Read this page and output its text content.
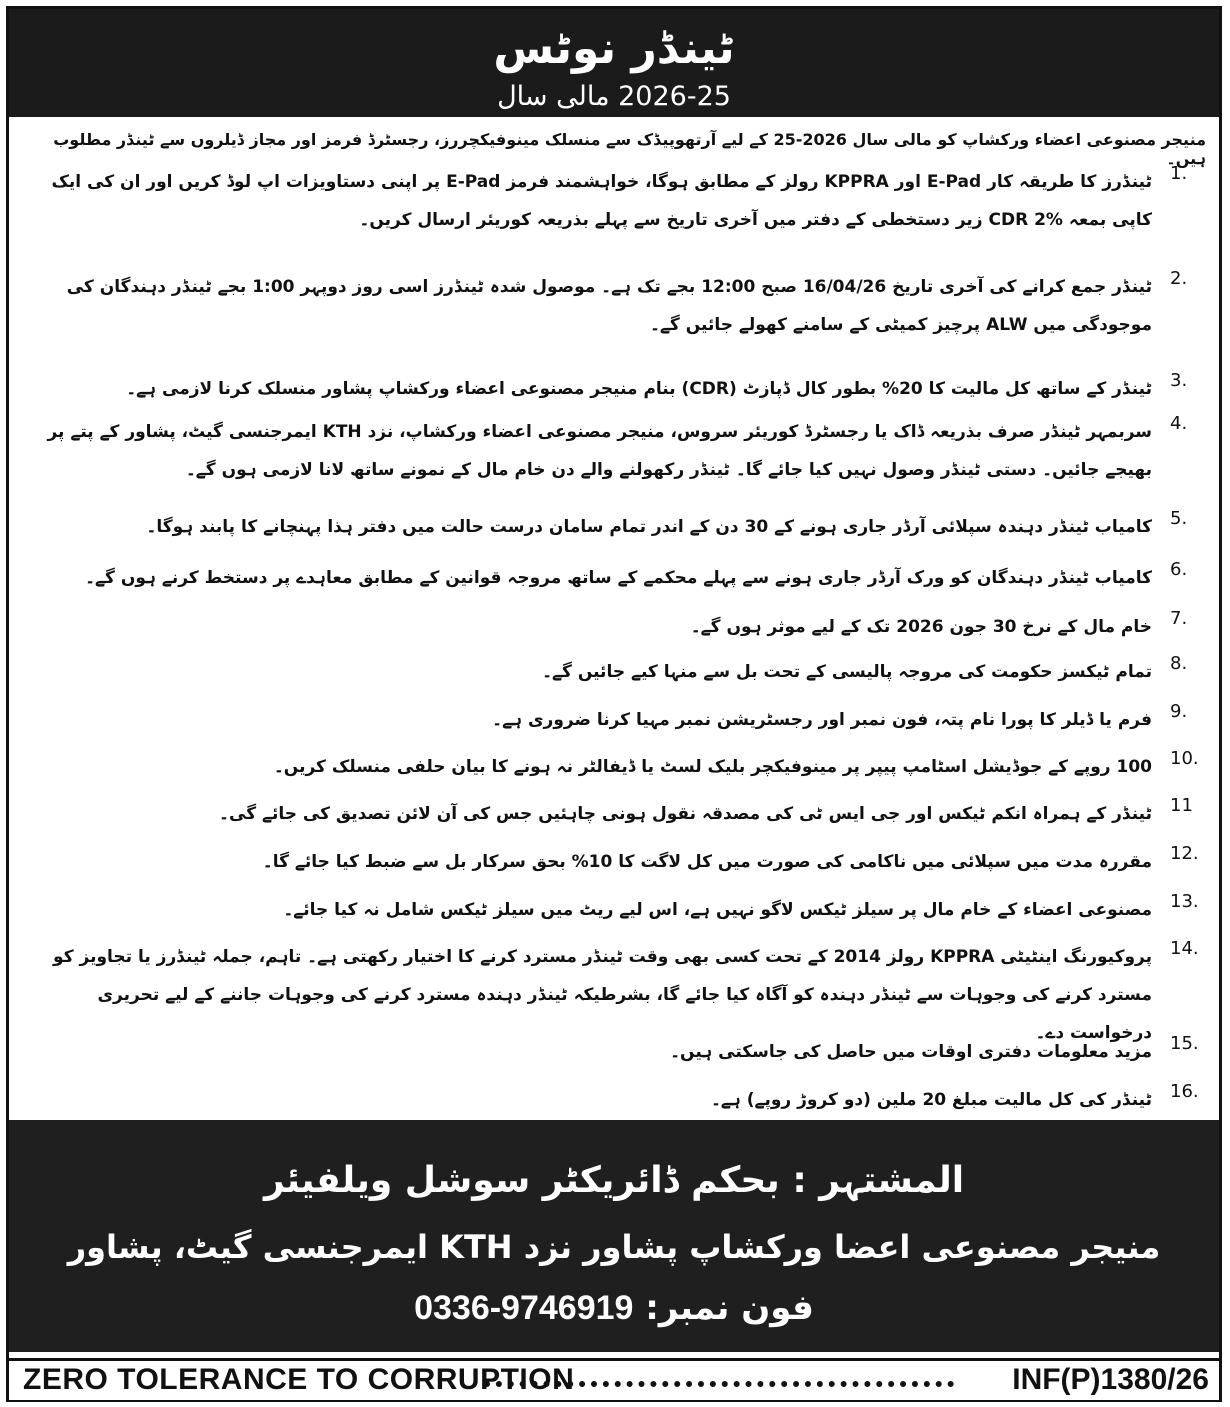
ٹینڈر نوٹس
2026-25 مالی سال
منیجر مصنوعی اعضاء ورکشاپ کو مالی سال 2026-25 کے لیے آرتھوپیڈک سے منسلک مینوفیکچررز، رجسٹرڈ فرمز اور مجاز ڈیلروں سے ٹینڈر مطلوب ہیں۔
1.
ٹینڈرز کا طریقہ کار E-Pad اور KPPRA رولز کے مطابق ہوگا، خواہشمند فرمز E-Pad پر اپنی دستاویزات اپ لوڈ کریں اور ان کی ایک کاپی بمعہ CDR 2% زیر دستخطی کے دفتر میں آخری تاریخ سے پہلے بذریعہ کوریئر ارسال کریں۔
2.
ٹینڈر جمع کرانے کی آخری تاریخ 16/04/26 صبح 12:00 بجے تک ہے۔ موصول شدہ ٹینڈرز اسی روز دوپہر 1:00 بجے ٹینڈر دہندگان کی موجودگی میں ALW پرچیز کمیٹی کے سامنے کھولے جائیں گے۔
3.
ٹینڈر کے ساتھ کل مالیت کا 20% بطور کال ڈپازٹ (CDR) بنام منیجر مصنوعی اعضاء ورکشاپ پشاور منسلک کرنا لازمی ہے۔
4.
سربمہر ٹینڈر صرف بذریعہ ڈاک یا رجسٹرڈ کوریئر سروس، منیجر مصنوعی اعضاء ورکشاپ، نزد KTH ایمرجنسی گیٹ، پشاور کے پتے پر بھیجے جائیں۔ دستی ٹینڈر وصول نہیں کیا جائے گا۔ ٹینڈر رکھولنے والے دن خام مال کے نمونے ساتھ لانا لازمی ہوں گے۔
5.
کامیاب ٹینڈر دہندہ سپلائی آرڈر جاری ہونے کے 30 دن کے اندر تمام سامان درست حالت میں دفتر ہذا پہنچانے کا پابند ہوگا۔
6.
کامیاب ٹینڈر دہندگان کو ورک آرڈر جاری ہونے سے پہلے محکمے کے ساتھ مروجہ قوانین کے مطابق معاہدے پر دستخط کرنے ہوں گے۔
7.
خام مال کے نرخ 30 جون 2026 تک کے لیے موثر ہوں گے۔
8.
تمام ٹیکسز حکومت کی مروجہ پالیسی کے تحت بل سے منہا کیے جائیں گے۔
9.
فرم یا ڈیلر کا پورا نام پتہ، فون نمبر اور رجسٹریشن نمبر مہیا کرنا ضروری ہے۔
10.
100 روپے کے جوڈیشل اسٹامپ پیپر پر مینوفیکچر بلیک لسٹ یا ڈیفالٹر نہ ہونے کا بیان حلفی منسلک کریں۔
11
ٹینڈر کے ہمراہ انکم ٹیکس اور جی ایس ٹی کی مصدقہ نقول ہونی چاہئیں جس کی آن لائن تصدیق کی جائے گی۔
12.
مقررہ مدت میں سپلائی میں ناکامی کی صورت میں کل لاگت کا 10% بحق سرکار بل سے ضبط کیا جائے گا۔
13.
مصنوعی اعضاء کے خام مال پر سیلز ٹیکس لاگو نہیں ہے، اس لیے ریٹ میں سیلز ٹیکس شامل نہ کیا جائے۔
14.
پروکیورنگ اینٹیٹی KPPRA رولز 2014 کے تحت کسی بھی وقت ٹینڈر مسترد کرنے کا اختیار رکھتی ہے۔ تاہم، جملہ ٹینڈرز یا تجاویز کو مسترد کرنے کی وجوہات سے ٹینڈر دہندہ کو آگاہ کیا جائے گا، بشرطیکہ ٹینڈر دہندہ مسترد کرنے کی وجوہات جاننے کے لیے تحریری درخواست دے۔ 15.
مزید معلومات دفتری اوقات میں حاصل کی جاسکتی ہیں۔
16.
ٹینڈر کی کل مالیت مبلغ 20 ملین (دو کروڑ روپے) ہے۔
المشتہر : بحکم ڈائریکٹر سوشل ویلفیئر
منیجر مصنوعی اعضا ورکشاپ پشاور نزد KTH ایمرجنسی گیٹ، پشاور
فون نمبر: 0336-9746919
ZERO TOLERANCE TO CORRUPTION	INF(P)1380/26
